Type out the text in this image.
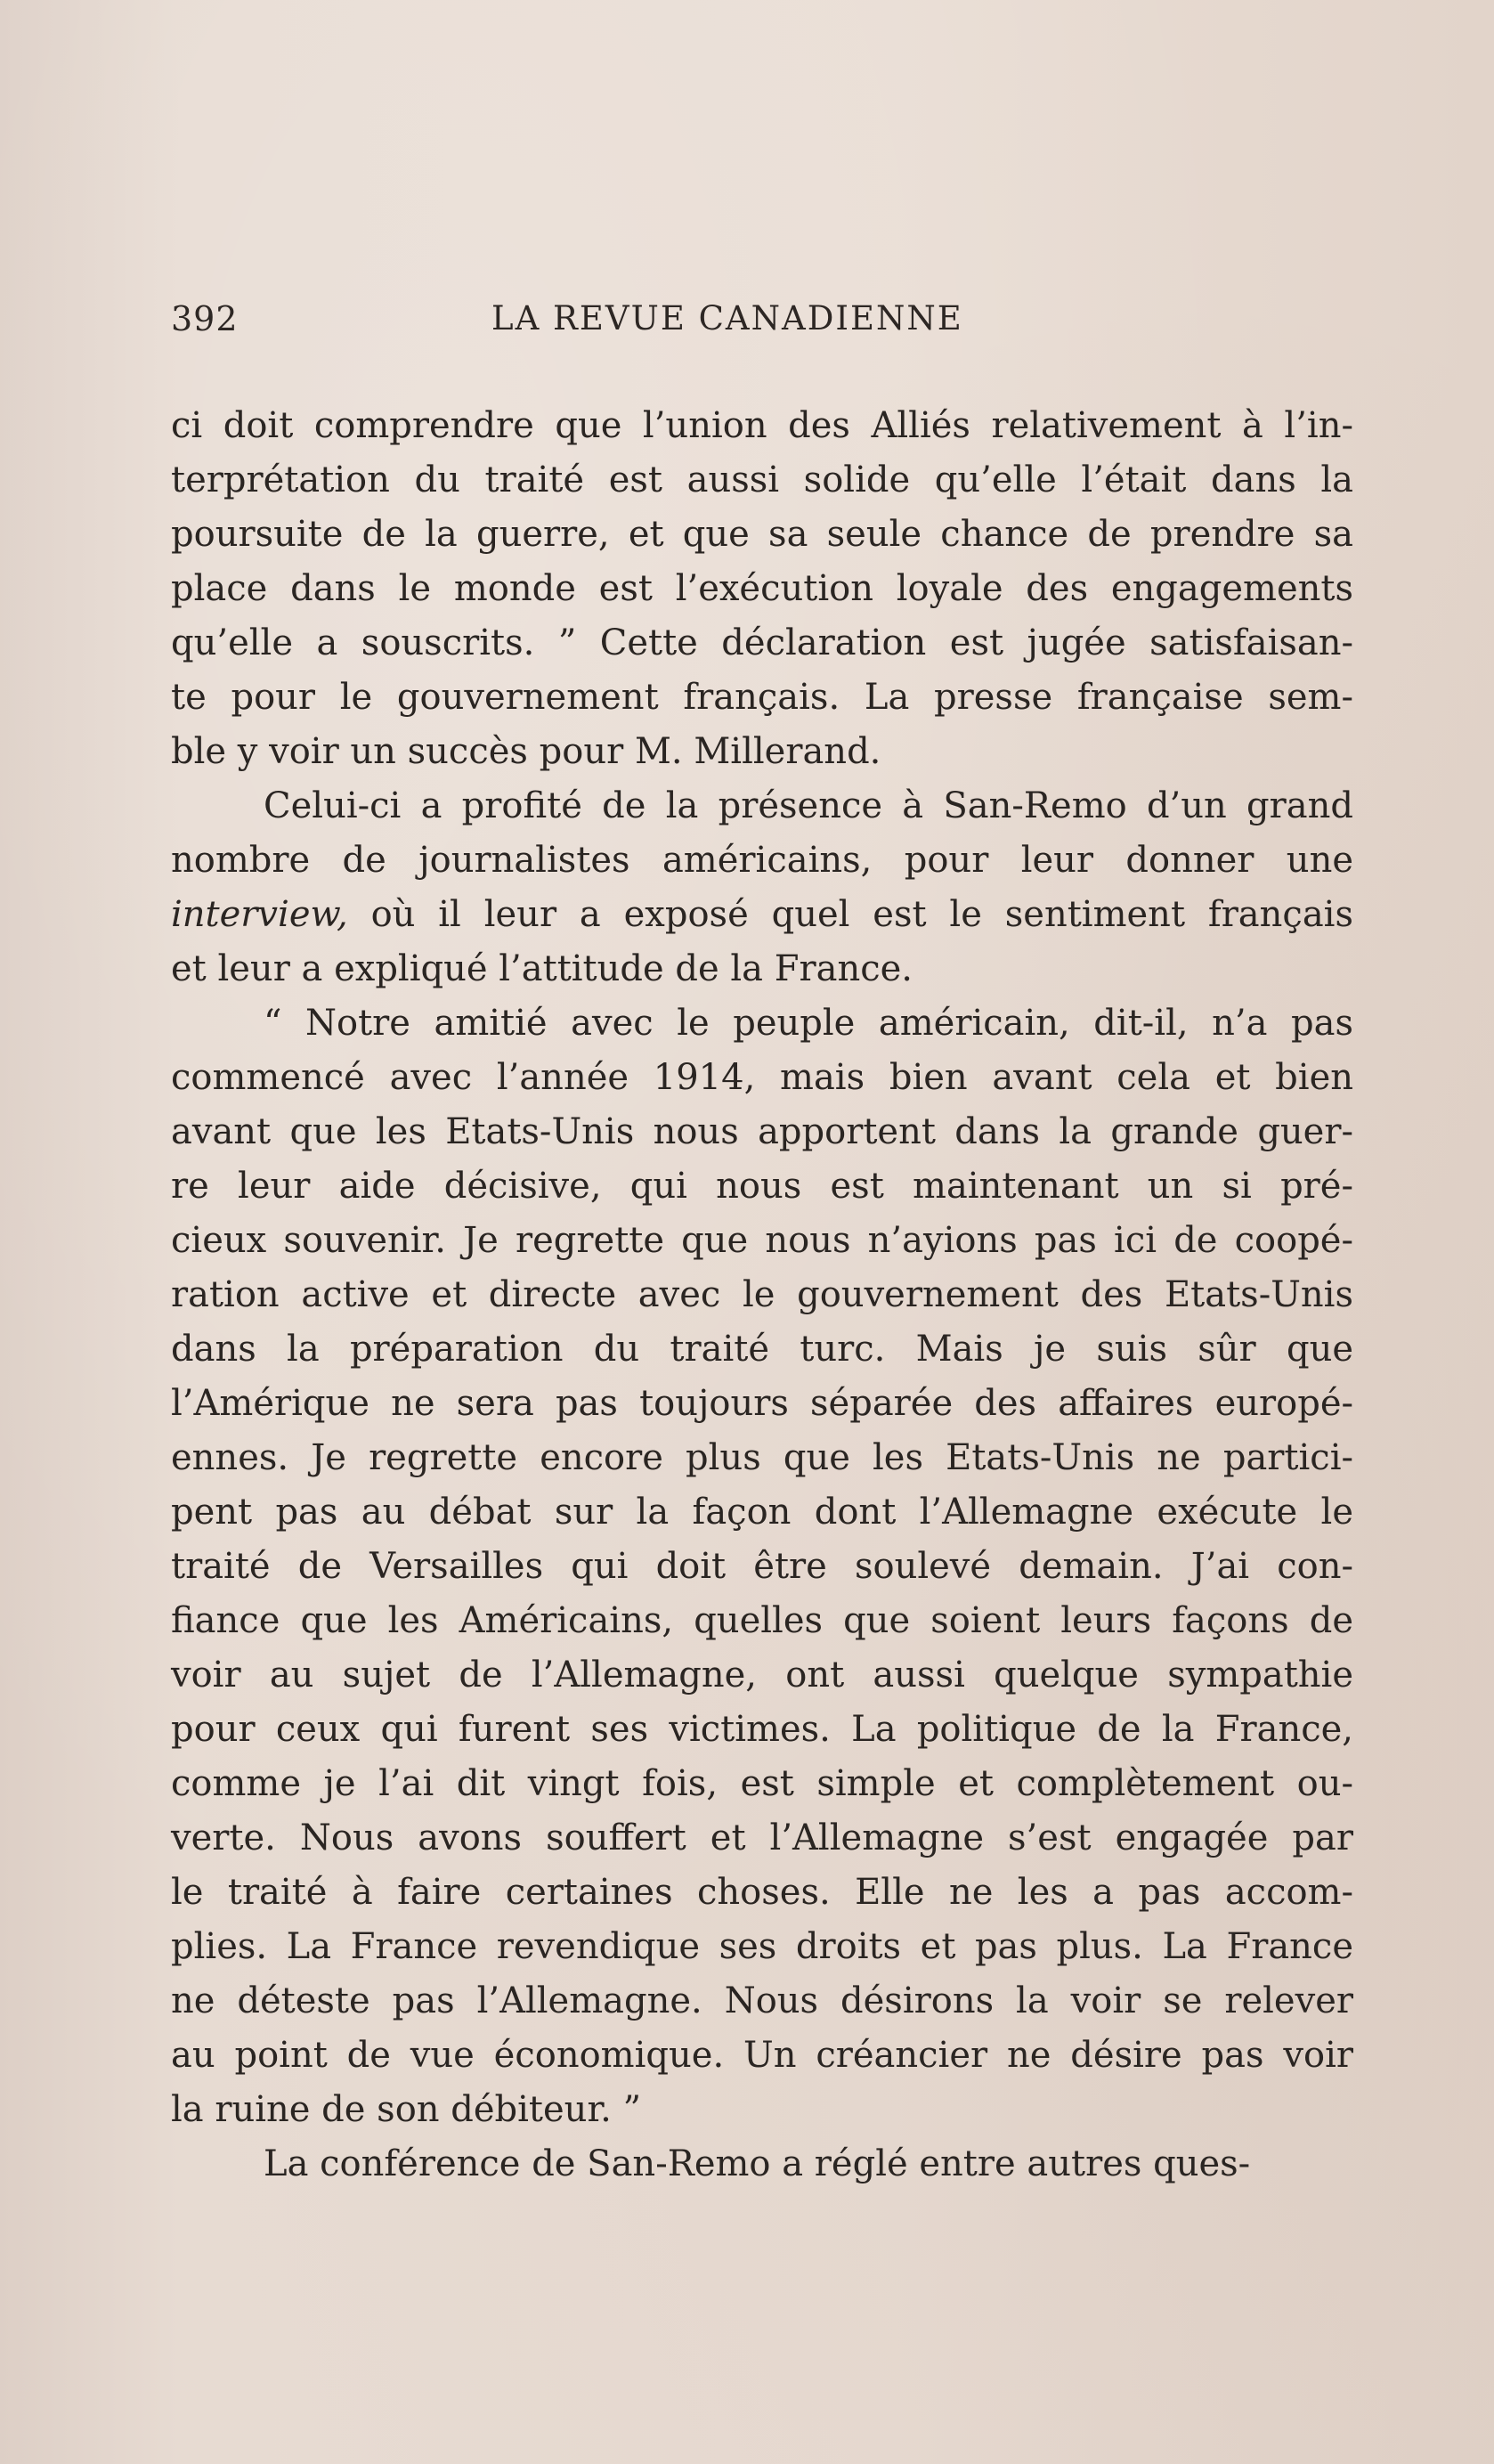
392	LA REVUE CANADIENNE
ci doit comprendre que l’union des Alliés relativement à l’in-
terprétation du traité est aussi solide qu’elle l’était dans la
poursuite de la guerre, et que sa seule chance de prendre sa
place dans le monde est l’exécution loyale des engagements
qu’elle a souscrits. ” Cette déclaration est jugée satisfaisan-
te pour le gouvernement français. La presse française sem-
ble y voir un succès pour M. Millerand.
Celui-ci a profité de la présence à San-Remo d’un grand
nombre de journalistes américains, pour leur donner une
interview, où il leur a exposé quel est le sentiment français
et leur a expliqué l’attitude de la France.
“ Notre amitié avec le peuple américain, dit-il, n’a pas
commencé avec l’année 1914, mais bien avant cela et bien
avant que les Etats-Unis nous apportent dans la grande guer-
re leur aide décisive, qui nous est maintenant un si pré-
cieux souvenir. Je regrette que nous n’ayions pas ici de coopé-
ration active et directe avec le gouvernement des Etats-Unis
dans la préparation du traité turc. Mais je suis sûr que
l’Amérique ne sera pas toujours séparée des affaires europé-
ennes. Je regrette encore plus que les Etats-Unis ne partici-
pent pas au débat sur la façon dont l’Allemagne exécute le
traité de Versailles qui doit être soulevé demain. J’ai con-
fiance que les Américains, quelles que soient leurs façons de
voir au sujet de l’Allemagne, ont aussi quelque sympathie
pour ceux qui furent ses victimes. La politique de la France,
comme je l’ai dit vingt fois, est simple et complètement ou-
verte. Nous avons souffert et l’Allemagne s’est engagée par
le traité à faire certaines choses. Elle ne les a pas accom-
plies. La France revendique ses droits et pas plus. La France
ne déteste pas l’Allemagne. Nous désirons la voir se relever
au point de vue économique. Un créancier ne désire pas voir
la ruine de son débiteur. ”
La conférence de San-Remo a réglé entre autres ques-
